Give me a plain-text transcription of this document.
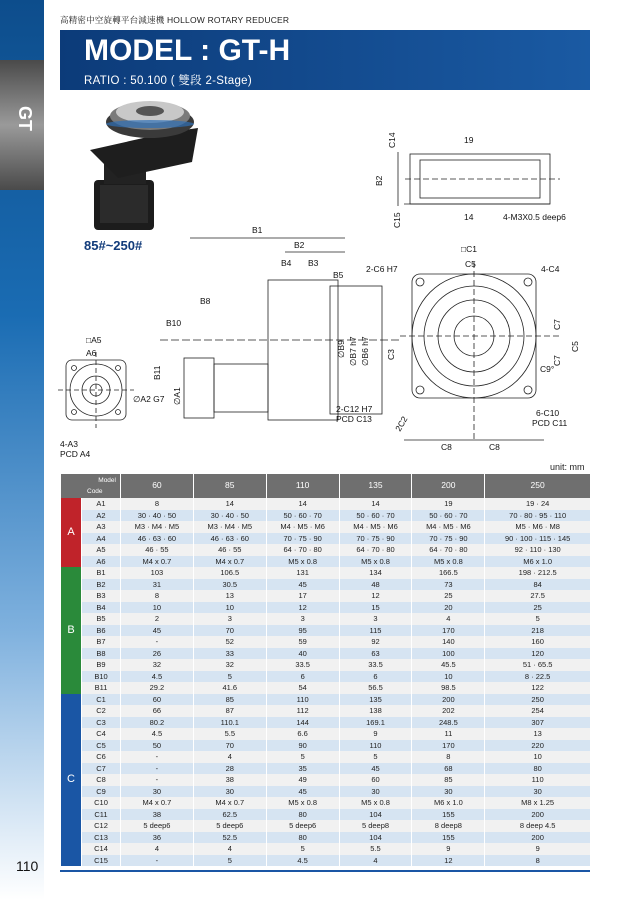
GT
110
高精密中空旋轉平台減速機 HOLLOW ROTARY REDUCER
MODEL : GT-H
RATIO : 50.100 ( 雙段 2-Stage)
C14	19
B2
14	4-M3X0.5 deep6
C15
B1
B2
B4 B3
B5
B8
B10
B11
∅B9 ∅B7 h7 ∅B6 h7
∅A1
∅A2 G7
2-C12 H7
PCD C13
□C1
C5
2-C6 H7	4-C4
C3
C7
C7
C5
C9°
2C2
6-C10
PCD C11
C8	C8
□A5
A6
4-A3
PCD A4
85#~250#
unit: mm
Model
Code		60	85	110	135	200	250
A	A1	8	14	14	14	19	19 · 24
	A2	30 · 40 · 50	30 · 40 · 50	50 · 60 · 70	50 · 60 · 70	50 · 60 · 70	70 · 80 · 95 · 110
	A3	M3 · M4 · M5	M3 · M4 · M5	M4 · M5 · M6	M4 · M5 · M6	M4 · M5 · M6	M5 · M6 · M8
	A4	46 · 63 · 60	46 · 63 · 60	70 · 75 · 90	70 · 75 · 90	70 · 75 · 90	90 · 100 · 115 · 145
	A5	46 · 55	46 · 55	64 · 70 · 80	64 · 70 · 80	64 · 70 · 80	92 · 110 · 130
	A6	M4 x 0.7	M4 x 0.7	M5 x 0.8	M5 x 0.8	M5 x 0.8	M6 x 1.0
B	B1	103	106.5	131	134	166.5	198 · 212.5
	B2	31	30.5	45	48	73	84
	B3	8	13	17	12	25	27.5
	B4	10	10	12	15	20	25
	B5	2	3	3	3	4	5
	B6	45	70	95	115	170	218
	B7	-	52	59	92	140	160
	B8	26	33	40	63	100	120
	B9	32	32	33.5	33.5	45.5	51 · 65.5
	B10	4.5	5	6	6	10	8 · 22.5
	B11	29.2	41.6	54	56.5	98.5	122
C	C1	60	85	110	135	200	250
	C2	66	87	112	138	202	254
	C3	80.2	110.1	144	169.1	248.5	307
	C4	4.5	5.5	6.6	9	11	13
	C5	50	70	90	110	170	220
	C6	-	4	5	5	8	10
	C7	-	28	35	45	68	80
	C8	-	38	49	60	85	110
	C9	30	30	45	30	30	30
	C10	M4 x 0.7	M4 x 0.7	M5 x 0.8	M5 x 0.8	M6 x 1.0	M8 x 1.25
	C11	38	62.5	80	104	155	200
	C12	5 deep6	5 deep6	5 deep6	5 deep8	8 deep8	8 deep 4.5
	C13	36	52.5	80	104	155	200
	C14	4	4	5	5.5	9	9
	C15	-	5	4.5	4	12	8
